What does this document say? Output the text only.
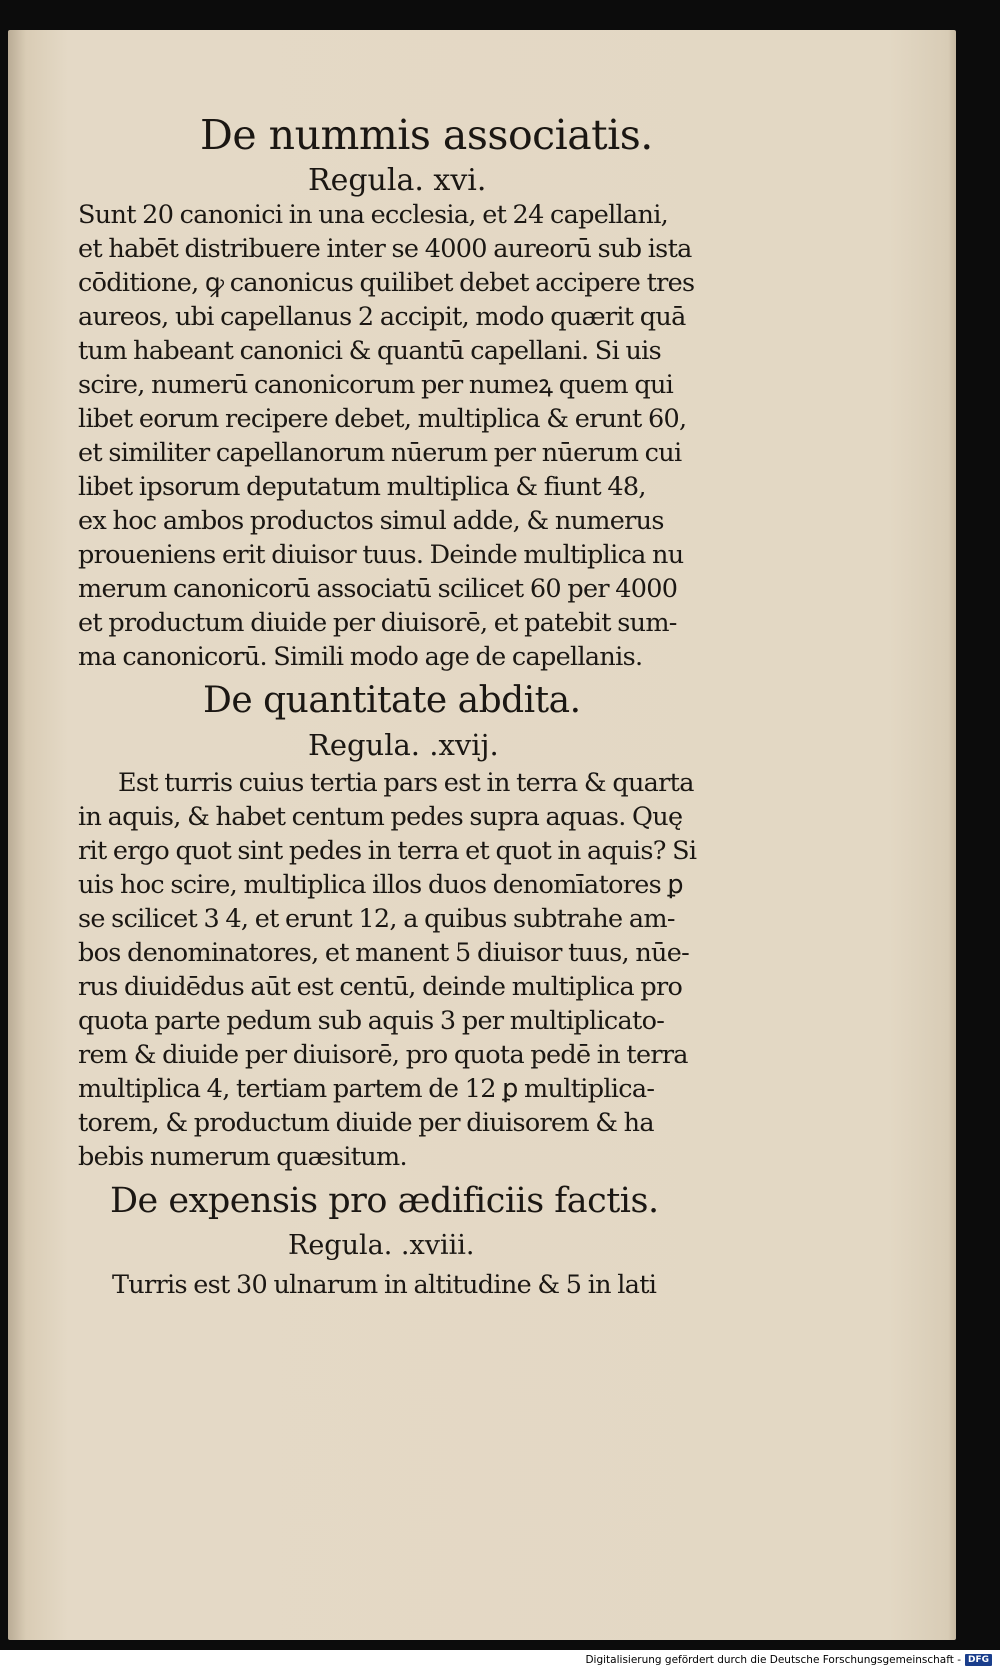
De nummis associatis.
Regula. xvi.
Sunt 20 canonici in una ecclesia, et 24 capellani,
et habēt distribuere inter se 4000 aureorū sub ista
cōditione, ꝙ canonicus quilibet debet accipere tres
aureos, ubi capellanus 2 accipit, modo quærit quā
tum habeant canonici & quantū capellani. Si uis
scire, numerū canonicorum per numeꝝ quem qui
libet eorum recipere debet, multiplica & erunt 60,
et similiter capellanorum nūerum per nūerum cui
libet ipsorum deputatum multiplica & fiunt 48,
ex hoc ambos productos simul adde, & numerus
proueniens erit diuisor tuus. Deinde multiplica nu
merum canonicorū associatū scilicet 60 per 4000
et productum diuide per diuisorē, et patebit sum-
ma canonicorū. Simili modo age de capellanis.
De quantitate abdita.
Regula. .xvij.
Est turris cuius tertia pars est in terra & quarta
in aquis, & habet centum pedes supra aquas. Quę
rit ergo quot sint pedes in terra et quot in aquis? Si
uis hoc scire, multiplica illos duos denomīatores ꝑ
se scilicet 3 4, et erunt 12, a quibus subtrahe am-
bos denominatores, et manent 5 diuisor tuus, nūe-
rus diuidēdus aūt est centū, deinde multiplica pro
quota parte pedum sub aquis 3 per multiplicato-
rem & diuide per diuisorē, pro quota pedē in terra
multiplica 4, tertiam partem de 12 ꝑ multiplica-
torem, & productum diuide per diuisorem & ha
bebis numerum quæsitum.
De expensis pro ædificiis factis.
Regula. .xviii.
Turris est 30 ulnarum in altitudine & 5 in lati
Digitalisierung gefördert durch die Deutsche Forschungsgemeinschaft - DFG
